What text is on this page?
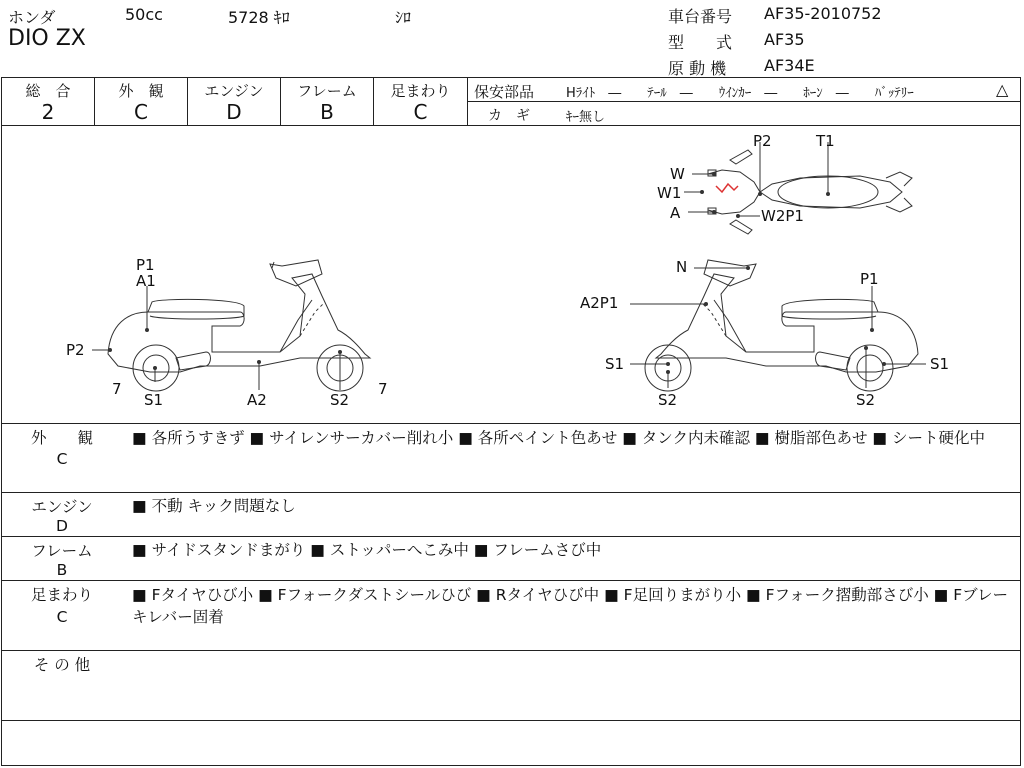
ホンダ	50cc	5728 ｷﾛ	ｼﾛ
DIO ZX
車台番号 AF35-2010752
型　　式 AF35
原 動 機 AF34E
総　合
2
外　観
C
エンジン
D
フレーム
B
足まわり
C
保安部品 Hﾗｲﾄ　―　　ﾃｰﾙ　―　　ｳｲﾝｶｰ　―　　ﾎｰﾝ　―　　ﾊﾞｯﾃﾘｰ	△
カ　ギ	ｷｰ無し
P1
A1
P2
7
S1	A2	S2
7
P2	T1
W
W1
A	W2P1
N
A2P1
P1
S1	S1
S2	S2
外　　観
C
■ 各所うすきず ■ サイレンサーカバー削れ小 ■ 各所ペイント色あせ ■ タンク内未確認 ■ 樹脂部色あせ ■ シート硬化中
エンジン
D
■ 不動 キック問題なし
フレーム
B
■ サイドスタンドまがり ■ ストッパーへこみ中 ■ フレームさび中
足まわり
C
■ Fタイヤひび小 ■ Fフォークダストシールひび ■ Rタイヤひび中 ■ F足回りまがり小 ■ Fフォーク摺動部さび小 ■ Fブレーキレバー固着
そ の 他
